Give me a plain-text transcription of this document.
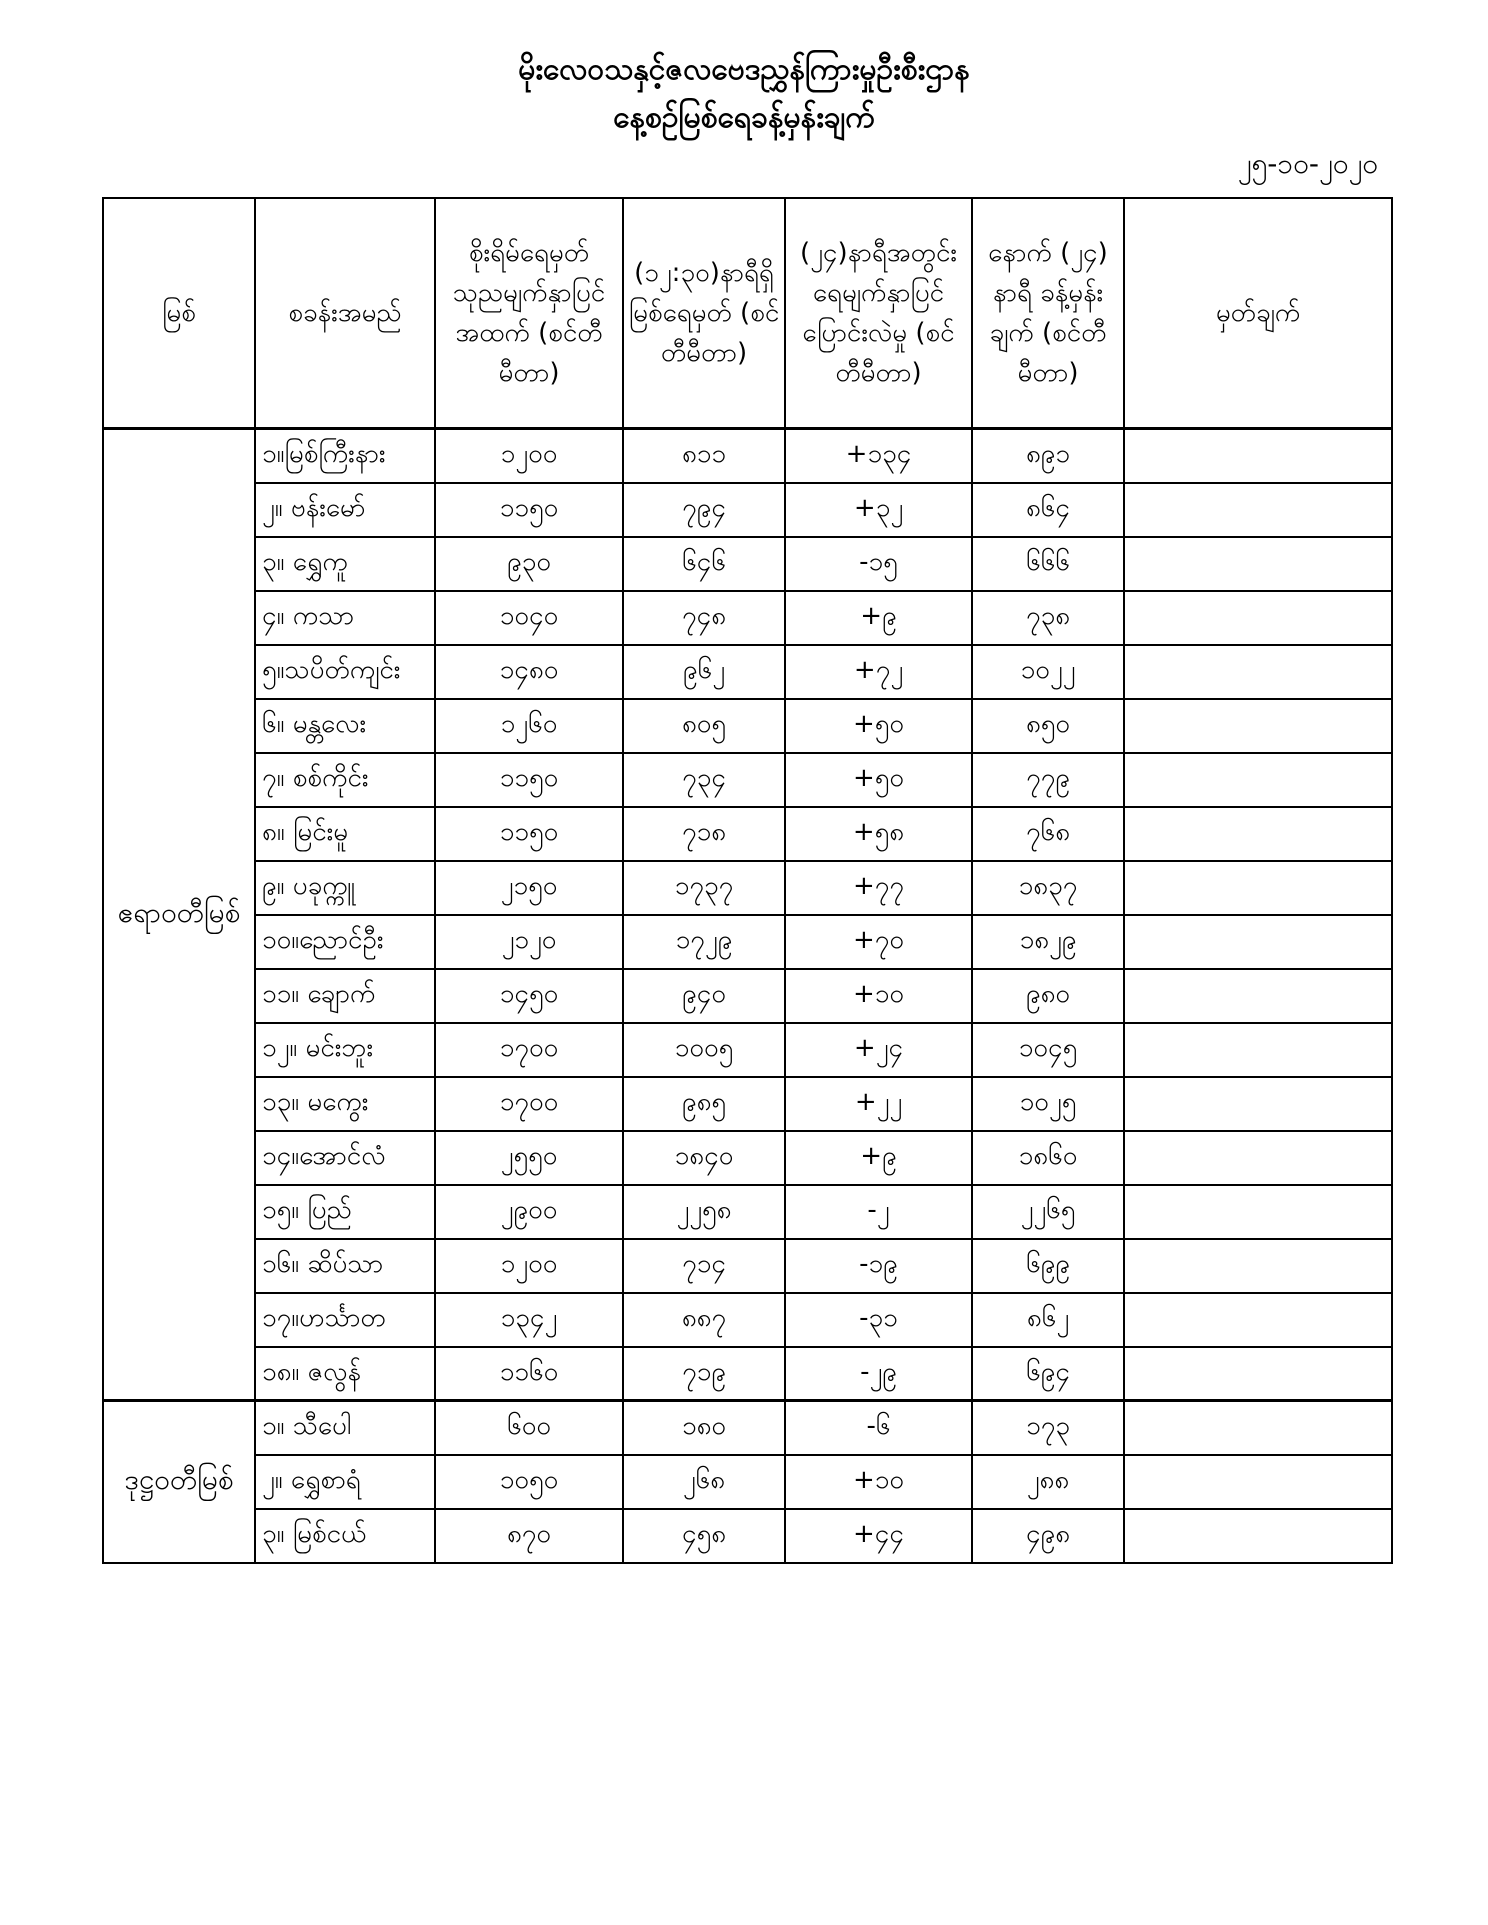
မိုးလေဝသနှင့်ဇလဗေဒညွှန်ကြားမှုဦးစီးဌာန
နေ့စဉ်မြစ်ရေခန့်မှန်းချက်
၂၅-၁၀-၂၀၂၀
မြစ်	စခန်းအမည်	စိုးရိမ်ရေမှတ် သုညမျက်နှာပြင် အထက် (စင်တီမီတာ)	(၁၂:၃၀)နာရီရှိ မြစ်ရေမှတ် (စင်တီမီတာ)	(၂၄)နာရီအတွင်း ရေမျက်နှာပြင် ပြောင်းလဲမှု (စင်တီမီတာ)	နောက် (၂၄) နာရီ ခန့်မှန်းချက် (စင်တီမီတာ)	မှတ်ချက်
ဧရာဝတီမြစ်	၁။မြစ်ကြီးနား	၁၂၀၀	၈၁၁	+၁၃၄	၈၉၁	
	၂။ ဗန်းမော်	၁၁၅၀	၇၉၄	+၃၂	၈၆၄	
	၃။ ရွှေကူ	၉၃၀	၆၄၆	-၁၅	၆၆၆	
	၄။ ကသာ	၁၀၄၀	၇၄၈	+၉	၇၃၈	
	၅။သပိတ်ကျင်း	၁၄၈၀	၉၆၂	+၇၂	၁၀၂၂	
	၆။ မန္တလေး	၁၂၆၀	၈၀၅	+၅၀	၈၅၀	
	၇။ စစ်ကိုင်း	၁၁၅၀	၇၃၄	+၅၀	၇၇၉	
	၈။ မြင်းမူ	၁၁၅၀	၇၁၈	+၅၈	၇၆၈	
	၉။ ပခုက္ကူ	၂၁၅၀	၁၇၃၇	+၇၇	၁၈၃၇	
	၁၀။ညောင်ဦး	၂၁၂၀	၁၇၂၉	+၇၀	၁၈၂၉	
	၁၁။ ချောက်	၁၄၅၀	၉၄၀	+၁၀	၉၈၀	
	၁၂။ မင်းဘူး	၁၇၀၀	၁၀၀၅	+၂၄	၁၀၄၅	
	၁၃။ မကွေး	၁၇၀၀	၉၈၅	+၂၂	၁၀၂၅	
	၁၄။အောင်လံ	၂၅၅၀	၁၈၄၀	+၉	၁၈၆၀	
	၁၅။ ပြည်	၂၉၀၀	၂၂၅၈	-၂	၂၂၆၅	
	၁၆။ ဆိပ်သာ	၁၂၀၀	၇၁၄	-၁၉	၆၉၉	
	၁၇။ဟင်္သာတ	၁၃၄၂	၈၈၇	-၃၁	၈၆၂	
	၁၈။ ဇလွန်	၁၁၆၀	၇၁၉	-၂၉	၆၉၄	
ဒုဋ္ဌဝတီမြစ်	၁။ သီပေါ	၆၀၀	၁၈၀	-၆	၁၇၃	
	၂။ ရွှေစာရံ	၁၀၅၀	၂၆၈	+၁၀	၂၈၈	
	၃။ မြစ်ငယ်	၈၇၀	၄၅၈	+၄၄	၄၉၈	
